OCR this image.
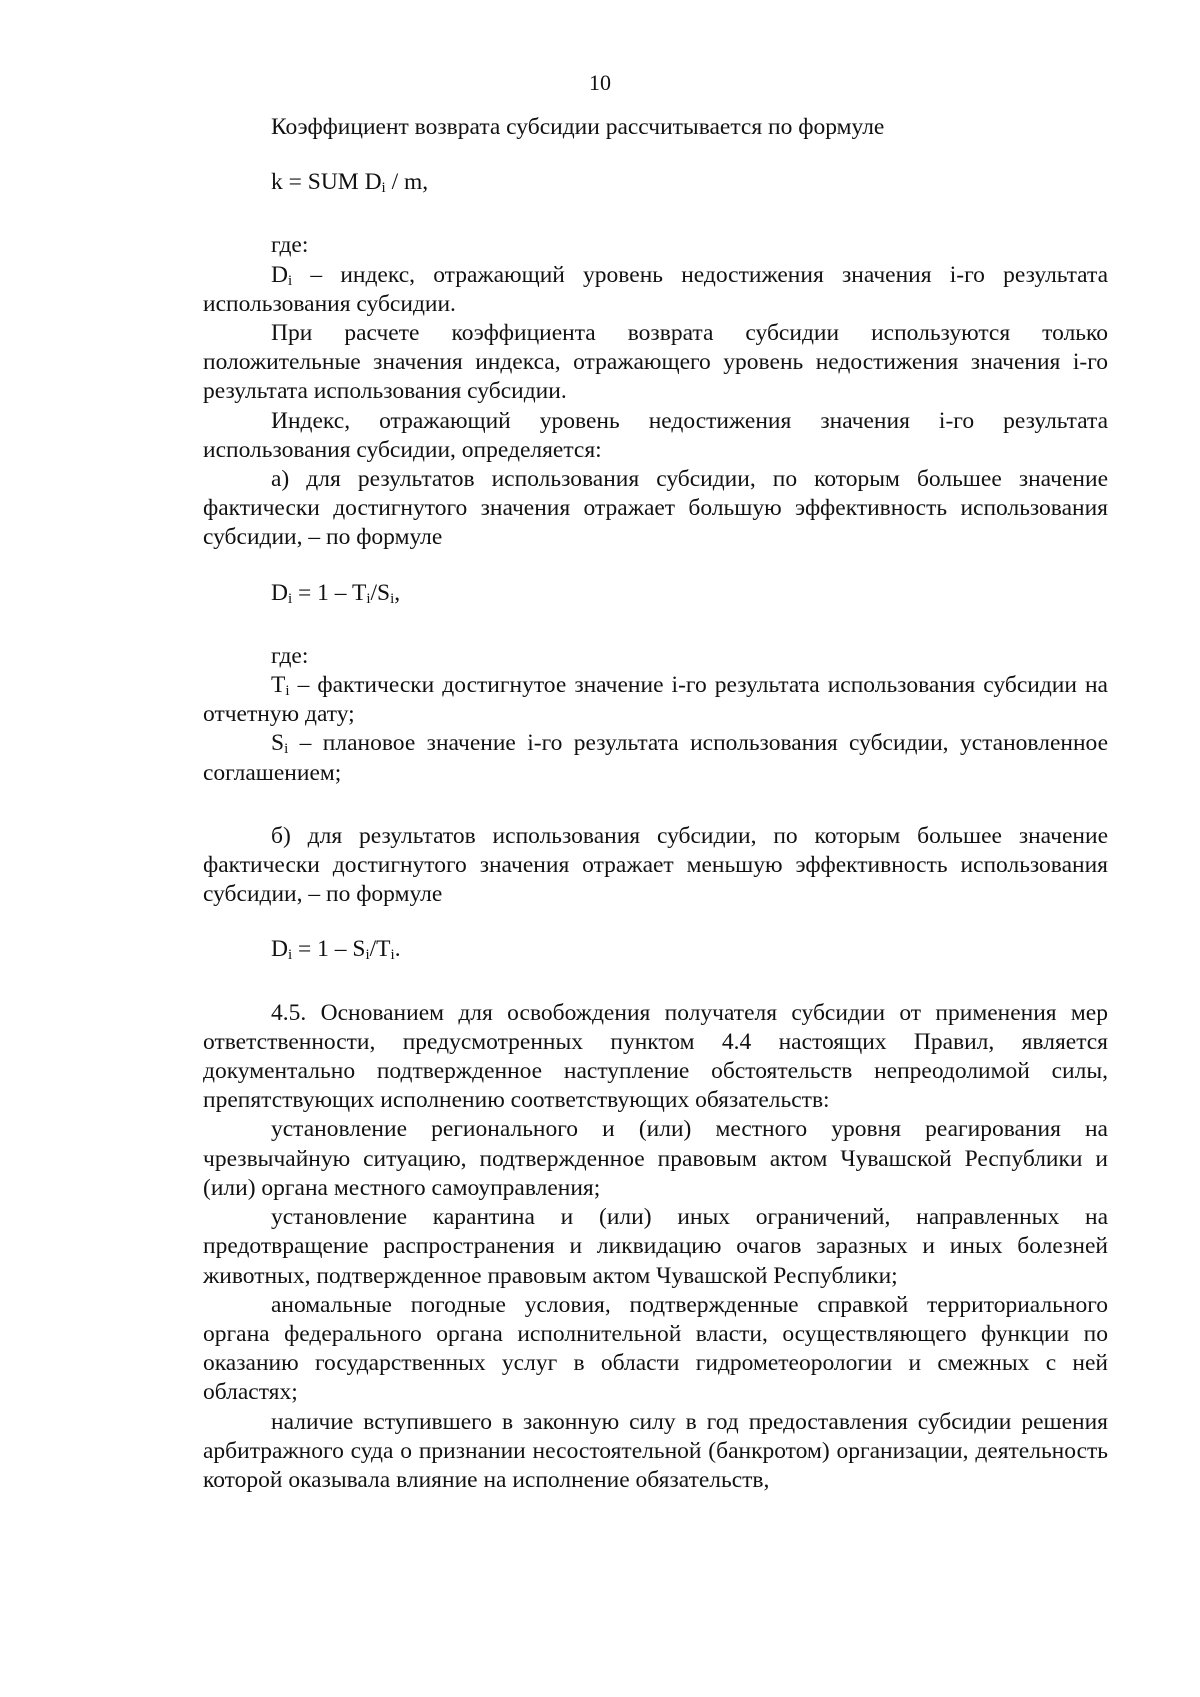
10

Коэффициент возврата субсидии рассчитывается по формуле

k = SUM $D_i$ / m,

где:

$D_i$ – индекс, отражающий уровень недостижения значения i-го результата использования субсидии.

При расчете коэффициента возврата субсидии используются только положительные значения индекса, отражающего уровень недостижения значения i-го результата использования субсидии.

Индекс, отражающий уровень недостижения значения i-го результата использования субсидии, определяется:

а) для результатов использования субсидии, по которым большее значение фактически достигнутого значения отражает большую эффективность использования субсидии, – по формуле

$D_i = 1 - T_i/S_i$,

где:

$T_i$ – фактически достигнутое значение i-го результата использования субсидии на отчетную дату;

$S_i$ – плановое значение i-го результата использования субсидии, установленное соглашением;

б) для результатов использования субсидии, по которым большее значение фактически достигнутого значения отражает меньшую эффективность использования субсидии, – по формуле

$D_i = 1 - S_i/T_i$.

4.5. Основанием для освобождения получателя субсидии от применения мер ответственности, предусмотренных пунктом 4.4 настоящих Правил, является документально подтвержденное наступление обстоятельств непреодолимой силы, препятствующих исполнению соответствующих обязательств:

установление регионального и (или) местного уровня реагирования на чрезвычайную ситуацию, подтвержденное правовым актом Чувашской Республики и (или) органа местного самоуправления;

установление карантина и (или) иных ограничений, направленных на предотвращение распространения и ликвидацию очагов заразных и иных болезней животных, подтвержденное правовым актом Чувашской Республики;

аномальные погодные условия, подтвержденные справкой территориального органа федерального органа исполнительной власти, осуществляющего функции по оказанию государственных услуг в области гидрометеорологии и смежных с ней областях;

наличие вступившего в законную силу в год предоставления субсидии решения арбитражного суда о признании несостоятельной (банкротом) организации, деятельность которой оказывала влияние на исполнение обязательств,
